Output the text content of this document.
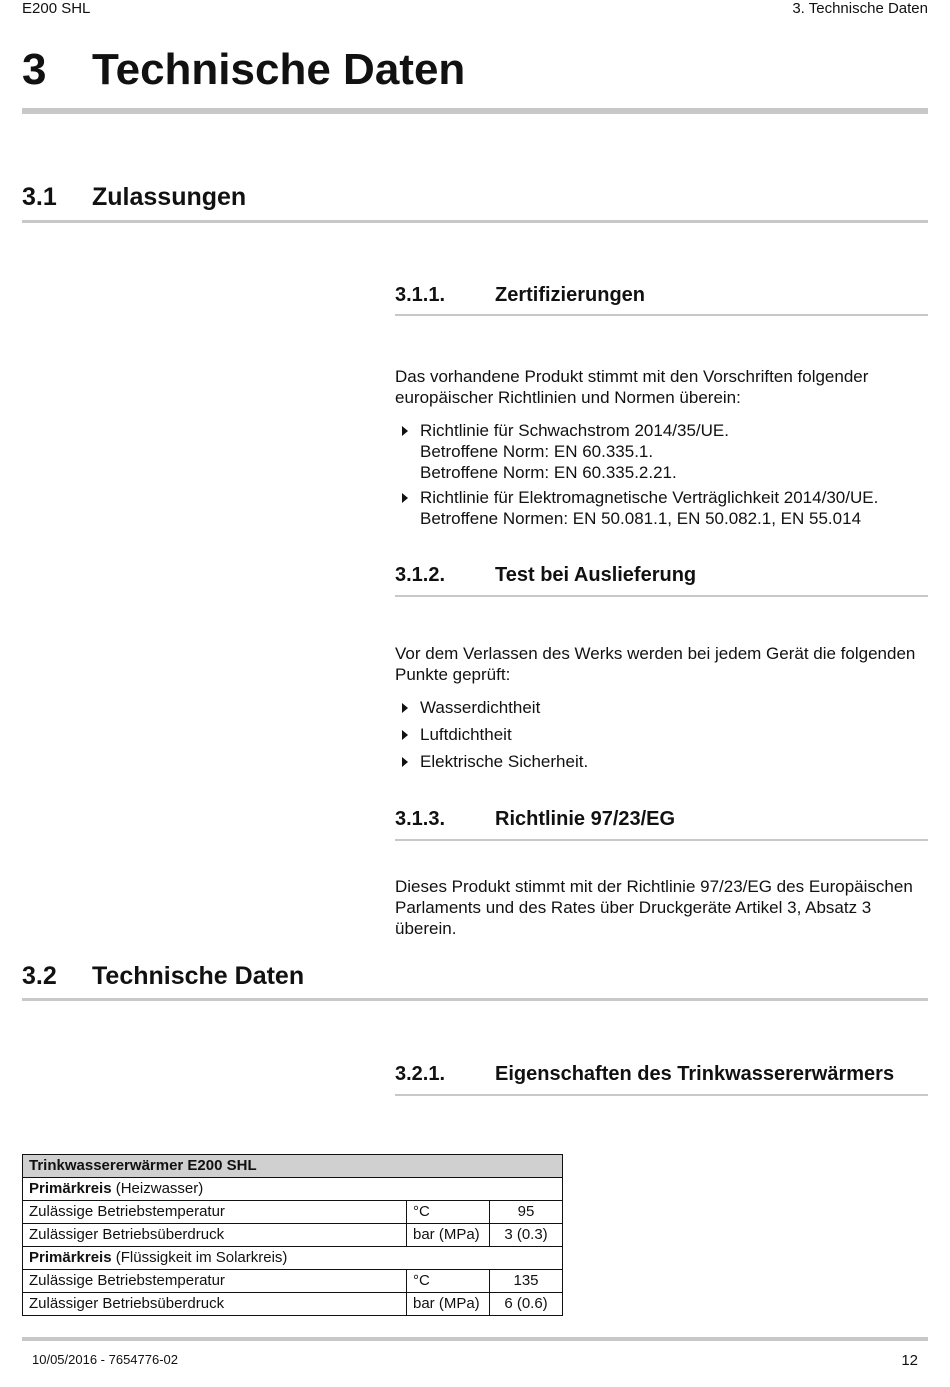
E200 SHL	3. Technische Daten
3 Technische Daten
3.1 Zulassungen
3.1.1. Zertifizierungen
Das vorhandene Produkt stimmt mit den Vorschriften folgender
europäischer Richtlinien und Normen überein:
Richtlinie für Schwachstrom 2014/35/UE.
Betroffene Norm: EN 60.335.1.
Betroffene Norm: EN 60.335.2.21.
Richtlinie für Elektromagnetische Verträglichkeit 2014/30/UE.
Betroffene Normen: EN 50.081.1, EN 50.082.1, EN 55.014
3.1.2. Test bei Auslieferung
Vor dem Verlassen des Werks werden bei jedem Gerät die folgenden
Punkte geprüft:
Wasserdichtheit
Luftdichtheit
Elektrische Sicherheit.
3.1.3. Richtlinie 97/23/EG
Dieses Produkt stimmt mit der Richtlinie 97/23/EG des Europäischen
Parlaments und des Rates über Druckgeräte Artikel 3, Absatz 3
überein.
3.2 Technische Daten
3.2.1. Eigenschaften des Trinkwassererwärmers
Trinkwassererwärmer E200 SHL		
Primärkreis (Heizwasser)		
Zulässige Betriebstemperatur	°C	95
Zulässiger Betriebsüberdruck	bar (MPa)	3 (0.3)
Primärkreis (Flüssigkeit im Solarkreis)		
Zulässige Betriebstemperatur	°C	135
Zulässiger Betriebsüberdruck	bar (MPa)	6 (0.6)
10/05/2016 - 7654776-02	12
